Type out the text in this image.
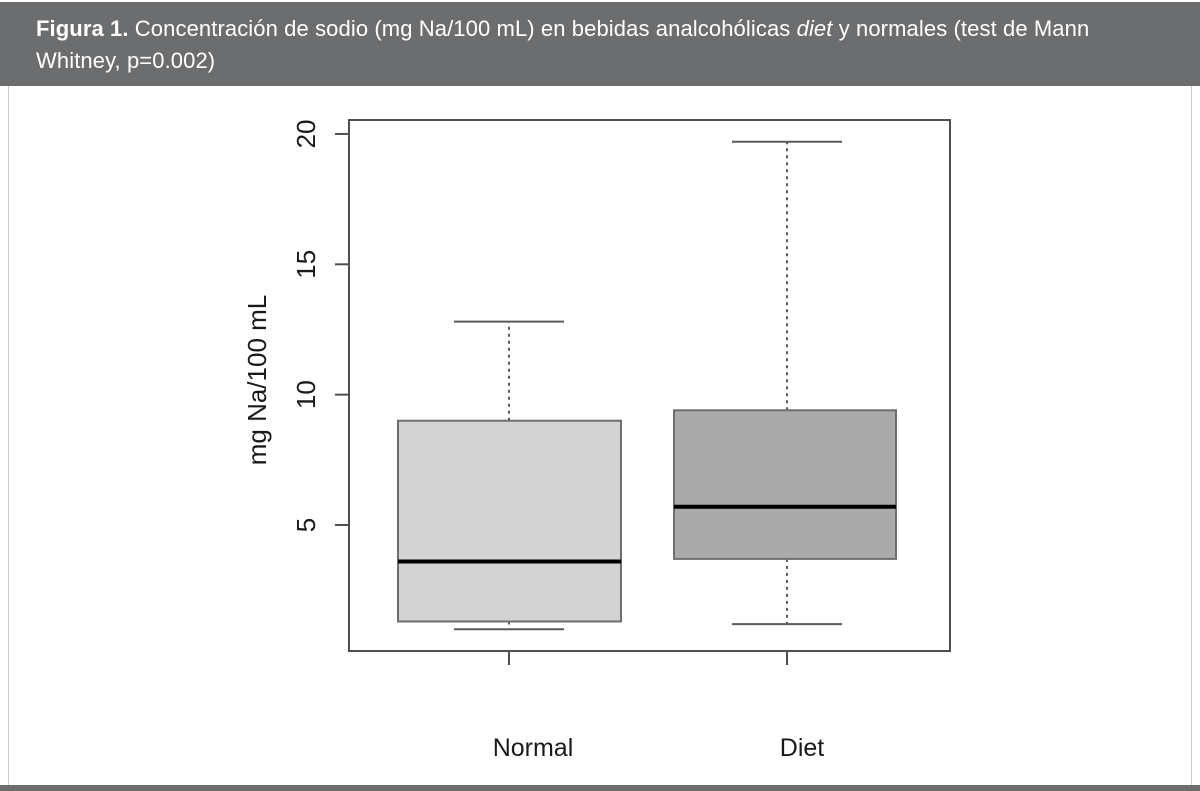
Figura 1. Concentración de sodio (mg Na/100 mL) en bebidas analcohólicas diet y normales (test de Mann Whitney, p=0.002)
5
10
15
20
mg Na/100 mL
Normal	Diet
